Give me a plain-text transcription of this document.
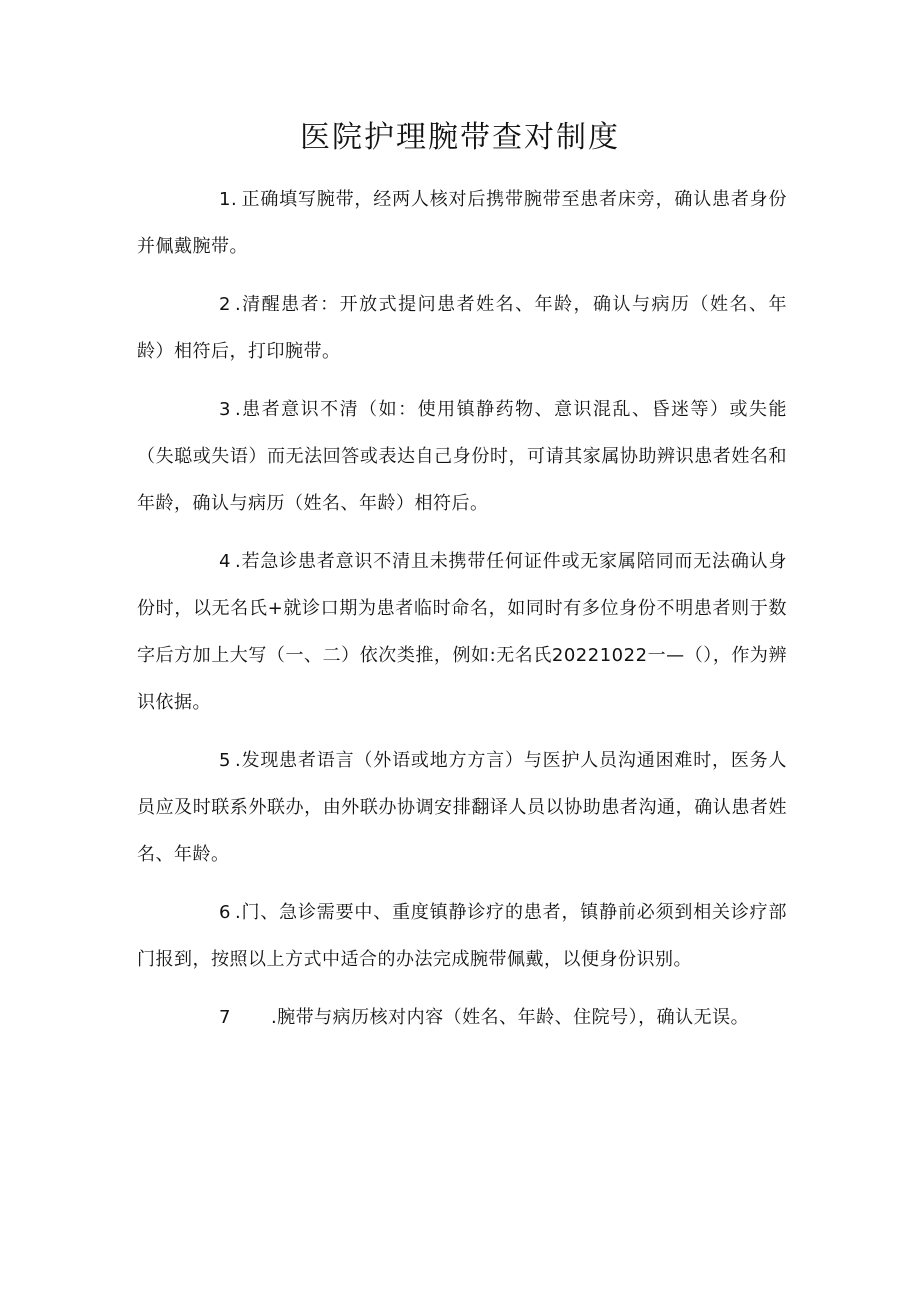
医院护理腕带查对制度

1. 正确填写腕带，经两人核对后携带腕带至患者床旁，确认患者身份并佩戴腕带。

2 .清醒患者：开放式提问患者姓名、年龄，确认与病历（姓名、年龄）相符后，打印腕带。

3 .患者意识不清（如：使用镇静药物、意识混乱、昏迷等）或失能（失聪或失语）而无法回答或表达自己身份时，可请其家属协助辨识患者姓名和年龄，确认与病历（姓名、年龄）相符后。

4 .若急诊患者意识不清且未携带任何证件或无家属陪同而无法确认身份时，以无名氏+就诊口期为患者临时命名，如同时有多位身份不明患者则于数字后方加上大写（一、二）依次类推，例如:无名氏20221022一—（），作为辨识依据。

5 .发现患者语言（外语或地方方言）与医护人员沟通困难时，医务人员应及时联系外联办，由外联办协调安排翻译人员以协助患者沟通，确认患者姓名、年龄。

6 .门、急诊需要中、重度镇静诊疗的患者，镇静前必须到相关诊疗部门报到，按照以上方式中适合的办法完成腕带佩戴，以便身份识别。

7 .腕带与病历核对内容（姓名、年龄、住院号），确认无误。
